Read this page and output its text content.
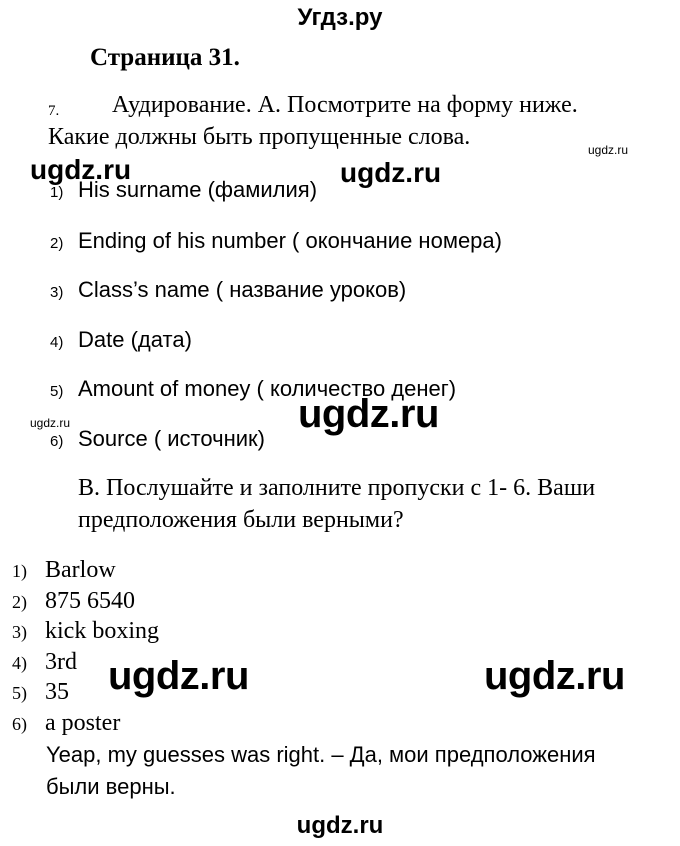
Угдз.ру
Страница 31.
7. Аудирование. А. Посмотрите на форму ниже.
Какие должны быть пропущенные слова.
1) His surname (фамилия)
2) Ending of his number ( окончание номера)
3) Class’s name ( название уроков)
4) Date (дата)
5) Amount of money ( количество денег)
6) Source ( источник)
В. Послушайте и заполните пропуски с 1- 6. Ваши
предположения были верными?
1) Barlow
2) 875 6540
3) kick boxing
4) 3rd
5) 35
6) a poster
Yeap, my guesses was right. – Да, мои предположения
были верны.
ugdz.ru	ugdz.ru
ugdz.ru
ugdz.ru	ugdz.ru
ugdz.ru	ugdz.ru
ugdz.ru
